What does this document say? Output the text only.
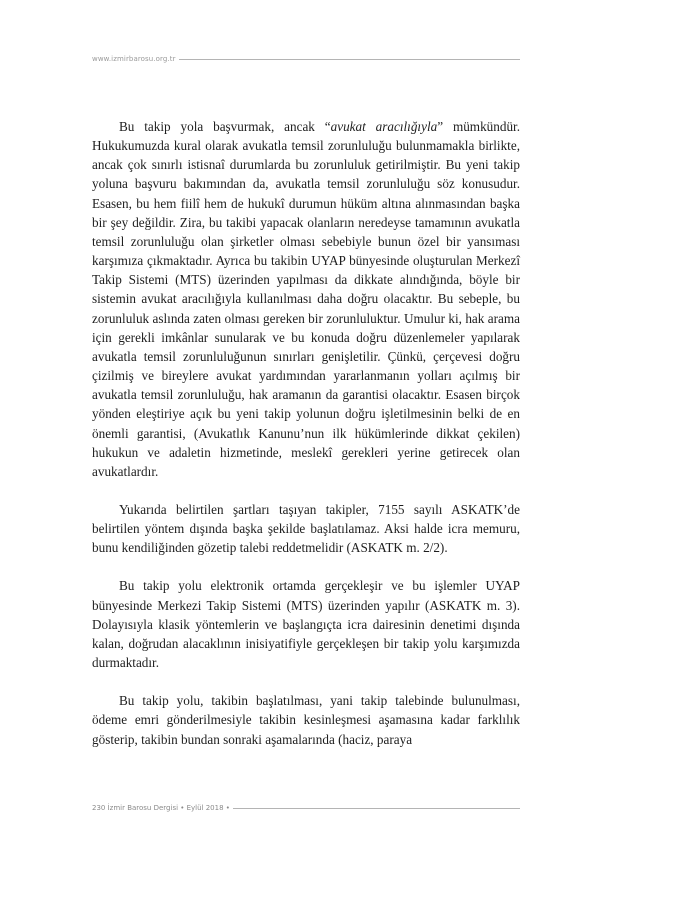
www.izmirbarosu.org.tr

Bu takip yola başvurmak, ancak “avukat aracılığıyla” mümkündür. Hukukumuzda kural olarak avukatla temsil zorunluluğu bulunmamakla birlikte, ancak çok sınırlı istisnaî durumlarda bu zorunluluk getirilmiştir. Bu yeni takip yoluna başvuru bakımından da, avukatla temsil zorunluluğu söz konusudur. Esasen, bu hem fiilî hem de hukukî durumun hüküm altına alınmasından başka bir şey değildir. Zira, bu takibi yapacak olanların neredeyse tamamının avukatla temsil zorunluluğu olan şirketler olması sebebiyle bunun özel bir yansıması karşımıza çıkmaktadır. Ayrıca bu takibin UYAP bünyesinde oluşturulan Merkezî Takip Sistemi (MTS) üzerinden yapılması da dikkate alındığında, böyle bir sistemin avukat aracılığıyla kullanılması daha doğru olacaktır. Bu sebeple, bu zorunluluk aslında zaten olması gereken bir zorunluluktur. Umulur ki, hak arama için gerekli imkânlar sunularak ve bu konuda doğru düzenlemeler yapılarak avukatla temsil zorunluluğunun sınırları genişletilir. Çünkü, çerçevesi doğru çizilmiş ve bireylere avukat yardımından yararlanmanın yolları açılmış bir avukatla temsil zorunluluğu, hak aramanın da garantisi olacaktır. Esasen birçok yönden eleştiriye açık bu yeni takip yolunun doğru işletilmesinin belki de en önemli garantisi, (Avukatlık Kanunu’nun ilk hükümlerinde dikkat çekilen) hukukun ve adaletin hizmetinde, meslekî gerekleri yerine getirecek olan avukatlardır.

Yukarıda belirtilen şartları taşıyan takipler, 7155 sayılı ASKATK’de belirtilen yöntem dışında başka şekilde başlatılamaz. Aksi halde icra memuru, bunu kendiliğinden gözetip talebi reddetmelidir (ASKATK m. 2/2).

Bu takip yolu elektronik ortamda gerçekleşir ve bu işlemler UYAP bünyesinde Merkezi Takip Sistemi (MTS) üzerinden yapılır (ASKATK m. 3). Dolayısıyla klasik yöntemlerin ve başlangıçta icra dairesinin denetimi dışında kalan, doğrudan alacaklının inisiyatifiyle gerçekleşen bir takip yolu karşımızda durmaktadır.

Bu takip yolu, takibin başlatılması, yani takip talebinde bulunulması, ödeme emri gönderilmesiyle takibin kesinleşmesi aşamasına kadar farklılık gösterip, takibin bundan sonraki aşamalarında (haciz, paraya

230 İzmir Barosu Dergisi • Eylül 2018 •
